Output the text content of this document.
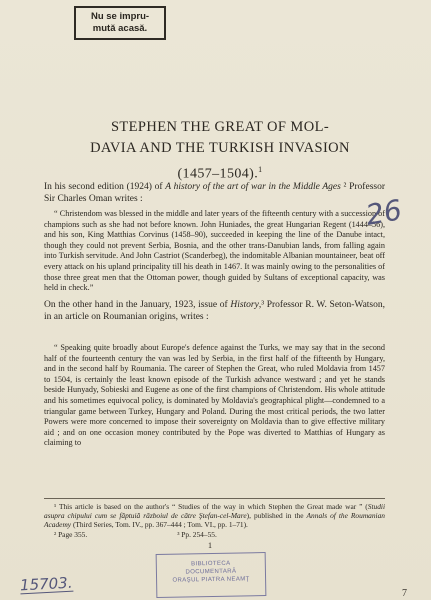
Nu se impru-
mută acasă.
STEPHEN THE GREAT OF MOL-
DAVIA AND THE TURKISH INVASION
(1457–1504).$^1$
In his second edition (1924) of A history of the art of war in the Middle Ages ² Professor Sir Charles Oman writes :
“ Christendom was blessed in the middle and later years of the fifteenth century with a succession of champions such as she had not before known. John Huniades, the great Hungarian Regent (1444–56), and his son, King Matthias Corvinus (1458–90), succeeded in keeping the line of the Danube intact, though they could not prevent Serbia, Bosnia, and the other trans-Danubian lands, from falling again into Turkish servitude. And John Castriot (Scanderbeg), the indomitable Albanian mountaineer, beat off every attack on his upland principality till his death in 1467. It was mainly owing to the personalities of those three great men that the Ottoman power, though guided by Sultans of exceptional capacity, was held in check.”
On the other hand in the January, 1923, issue of History,³ Professor R. W. Seton-Watson, in an article on Roumanian origins, writes :
“ Speaking quite broadly about Europe's defence against the Turks, we may say that in the second half of the fourteenth century the van was led by Serbia, in the first half of the fifteenth by Hungary, and in the second half by Roumania. The career of Stephen the Great, who ruled Moldavia from 1457 to 1504, is certainly the least known episode of the Turkish advance westward ; and yet he stands beside Hunyady, Sobieski and Eugene as one of the first champions of Christendom. His whole attitude and his sometimes equivocal policy, is dominated by Moldavia's geographical plight—condemned to a triangular game between Turkey, Hungary and Poland. During the most critical periods, the two latter Powers were more concerned to impose their sovereignty on Moldavia than to give effective military aid ; and on one occasion money contributed by the Pope was diverted to Matthias of Hungary as claiming to
¹ This article is based on the author's “ Studies of the way in which Stephen the Great made war ” (Studii asupra chipului cum se făptuiă războiul de către Ştefan-cel-Mare), published in the Annals of the Roumanian Academy (Third Series, Tom. IV., pp. 367–444 ; Tom. VI., pp. 1–71).
² Page 355.	³ Pp. 254–55.
1
BIBLIOTECA
DOCUMENTARĂ
ORAŞUL PIATRA NEAMŢ
26
15703.	7
